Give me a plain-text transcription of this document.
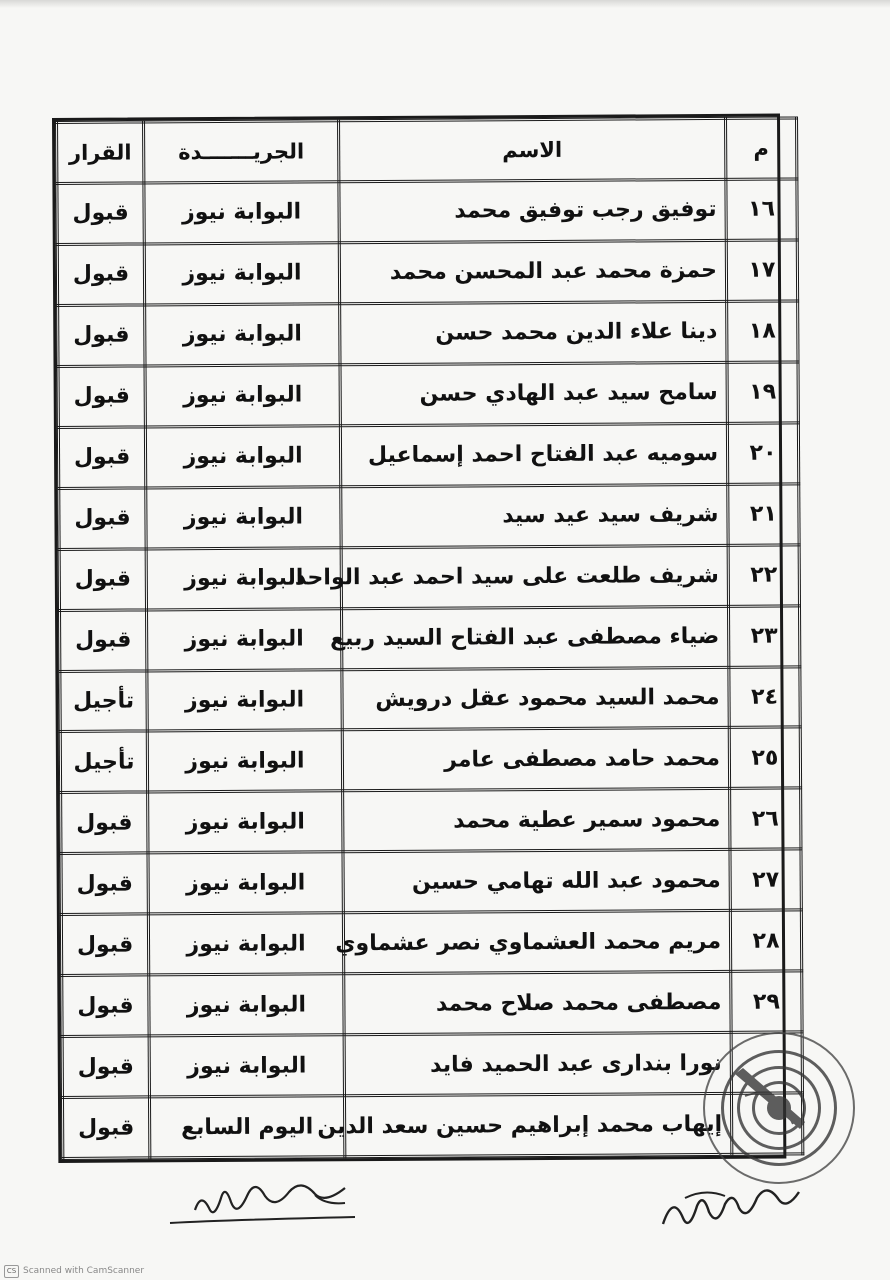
م	الاسم	الجريـــــــدة	القرار
١٦	توفيق رجب توفيق محمد	البوابة نيوز	قبول
١٧	حمزة محمد عبد المحسن محمد	البوابة نيوز	قبول
١٨	دينا علاء الدين محمد حسن	البوابة نيوز	قبول
١٩	سامح سيد عبد الهادي حسن	البوابة نيوز	قبول
٢٠	سوميه عبد الفتاح احمد إسماعيل	البوابة نيوز	قبول
٢١	شريف سيد عيد سيد	البوابة نيوز	قبول
٢٢	شريف طلعت على سيد احمد عبد الواحد	البوابة نيوز	قبول
٢٣	ضياء مصطفى عبد الفتاح السيد ربيع	البوابة نيوز	قبول
٢٤	محمد السيد محمود عقل درويش	البوابة نيوز	تأجيل
٢٥	محمد حامد مصطفى عامر	البوابة نيوز	تأجيل
٢٦	محمود سمير عطية محمد	البوابة نيوز	قبول
٢٧	محمود عبد الله تهامي حسين	البوابة نيوز	قبول
٢٨	مريم محمد العشماوي نصر عشماوي	البوابة نيوز	قبول
٢٩	مصطفى محمد صلاح محمد	البوابة نيوز	قبول
	نورا بنداری عبد الحمید فاید	البوابة نيوز	قبول
	إيهاب محمد إبراهيم حسين سعد الدين	اليوم السابع	قبول
CS Scanned with CamScanner
